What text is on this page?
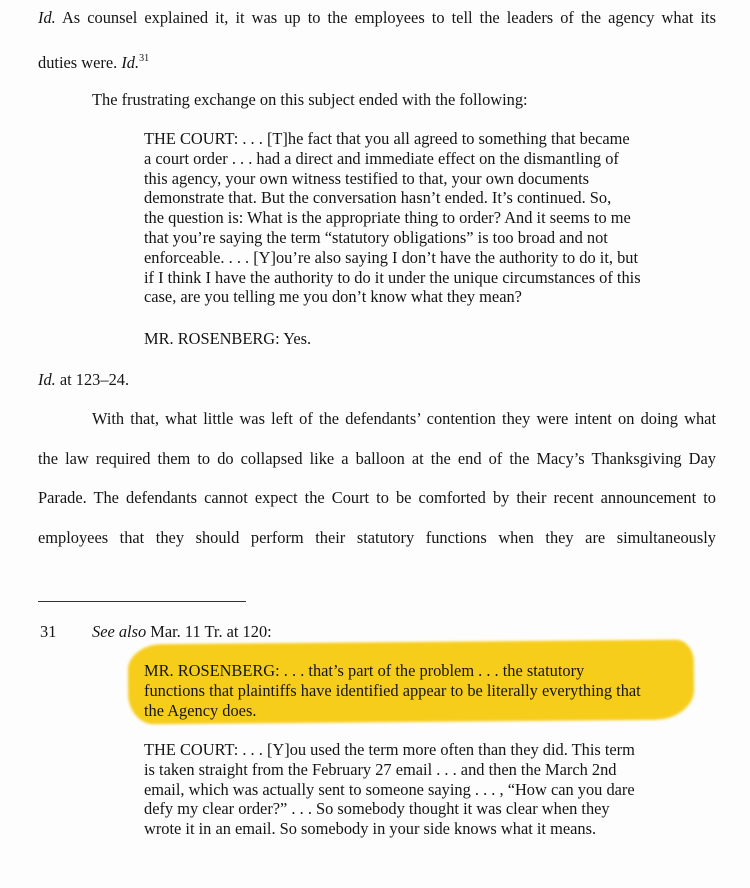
Id. As counsel explained it, it was up to the employees to tell the leaders of the agency what its
duties were. Id.$^{31}$
The frustrating exchange on this subject ended with the following:

THE COURT: . . . [T]he fact that you all agreed to something that became

a court order . . . had a direct and immediate effect on the dismantling of

this agency, your own witness testified to that, your own documents

demonstrate that. But the conversation hasn’t ended. It’s continued. So,

the question is: What is the appropriate thing to order? And it seems to me

that you’re saying the term “statutory obligations” is too broad and not

enforceable. . . . [Y]ou’re also saying I don’t have the authority to do it, but

if I think I have the authority to do it under the unique circumstances of this

case, are you telling me you don’t know what they mean?

MR. ROSENBERG: Yes.
Id. at 123–24.
With that, what little was left of the defendants’ contention they were intent on doing what
the law required them to do collapsed like a balloon at the end of the Macy’s Thanksgiving Day
Parade. The defendants cannot expect the Court to be comforted by their recent announcement to
employees that they should perform their statutory functions when they are simultaneously
31 See also Mar. 11 Tr. at 120:

MR. ROSENBERG: . . . that’s part of the problem . . . the statutory

functions that plaintiffs have identified appear to be literally everything that

the Agency does.

THE COURT: . . . [Y]ou used the term more often than they did. This term

is taken straight from the February 27 email . . . and then the March 2nd

email, which was actually sent to someone saying . . . , “How can you dare

defy my clear order?” . . . So somebody thought it was clear when they

wrote it in an email. So somebody in your side knows what it means.
